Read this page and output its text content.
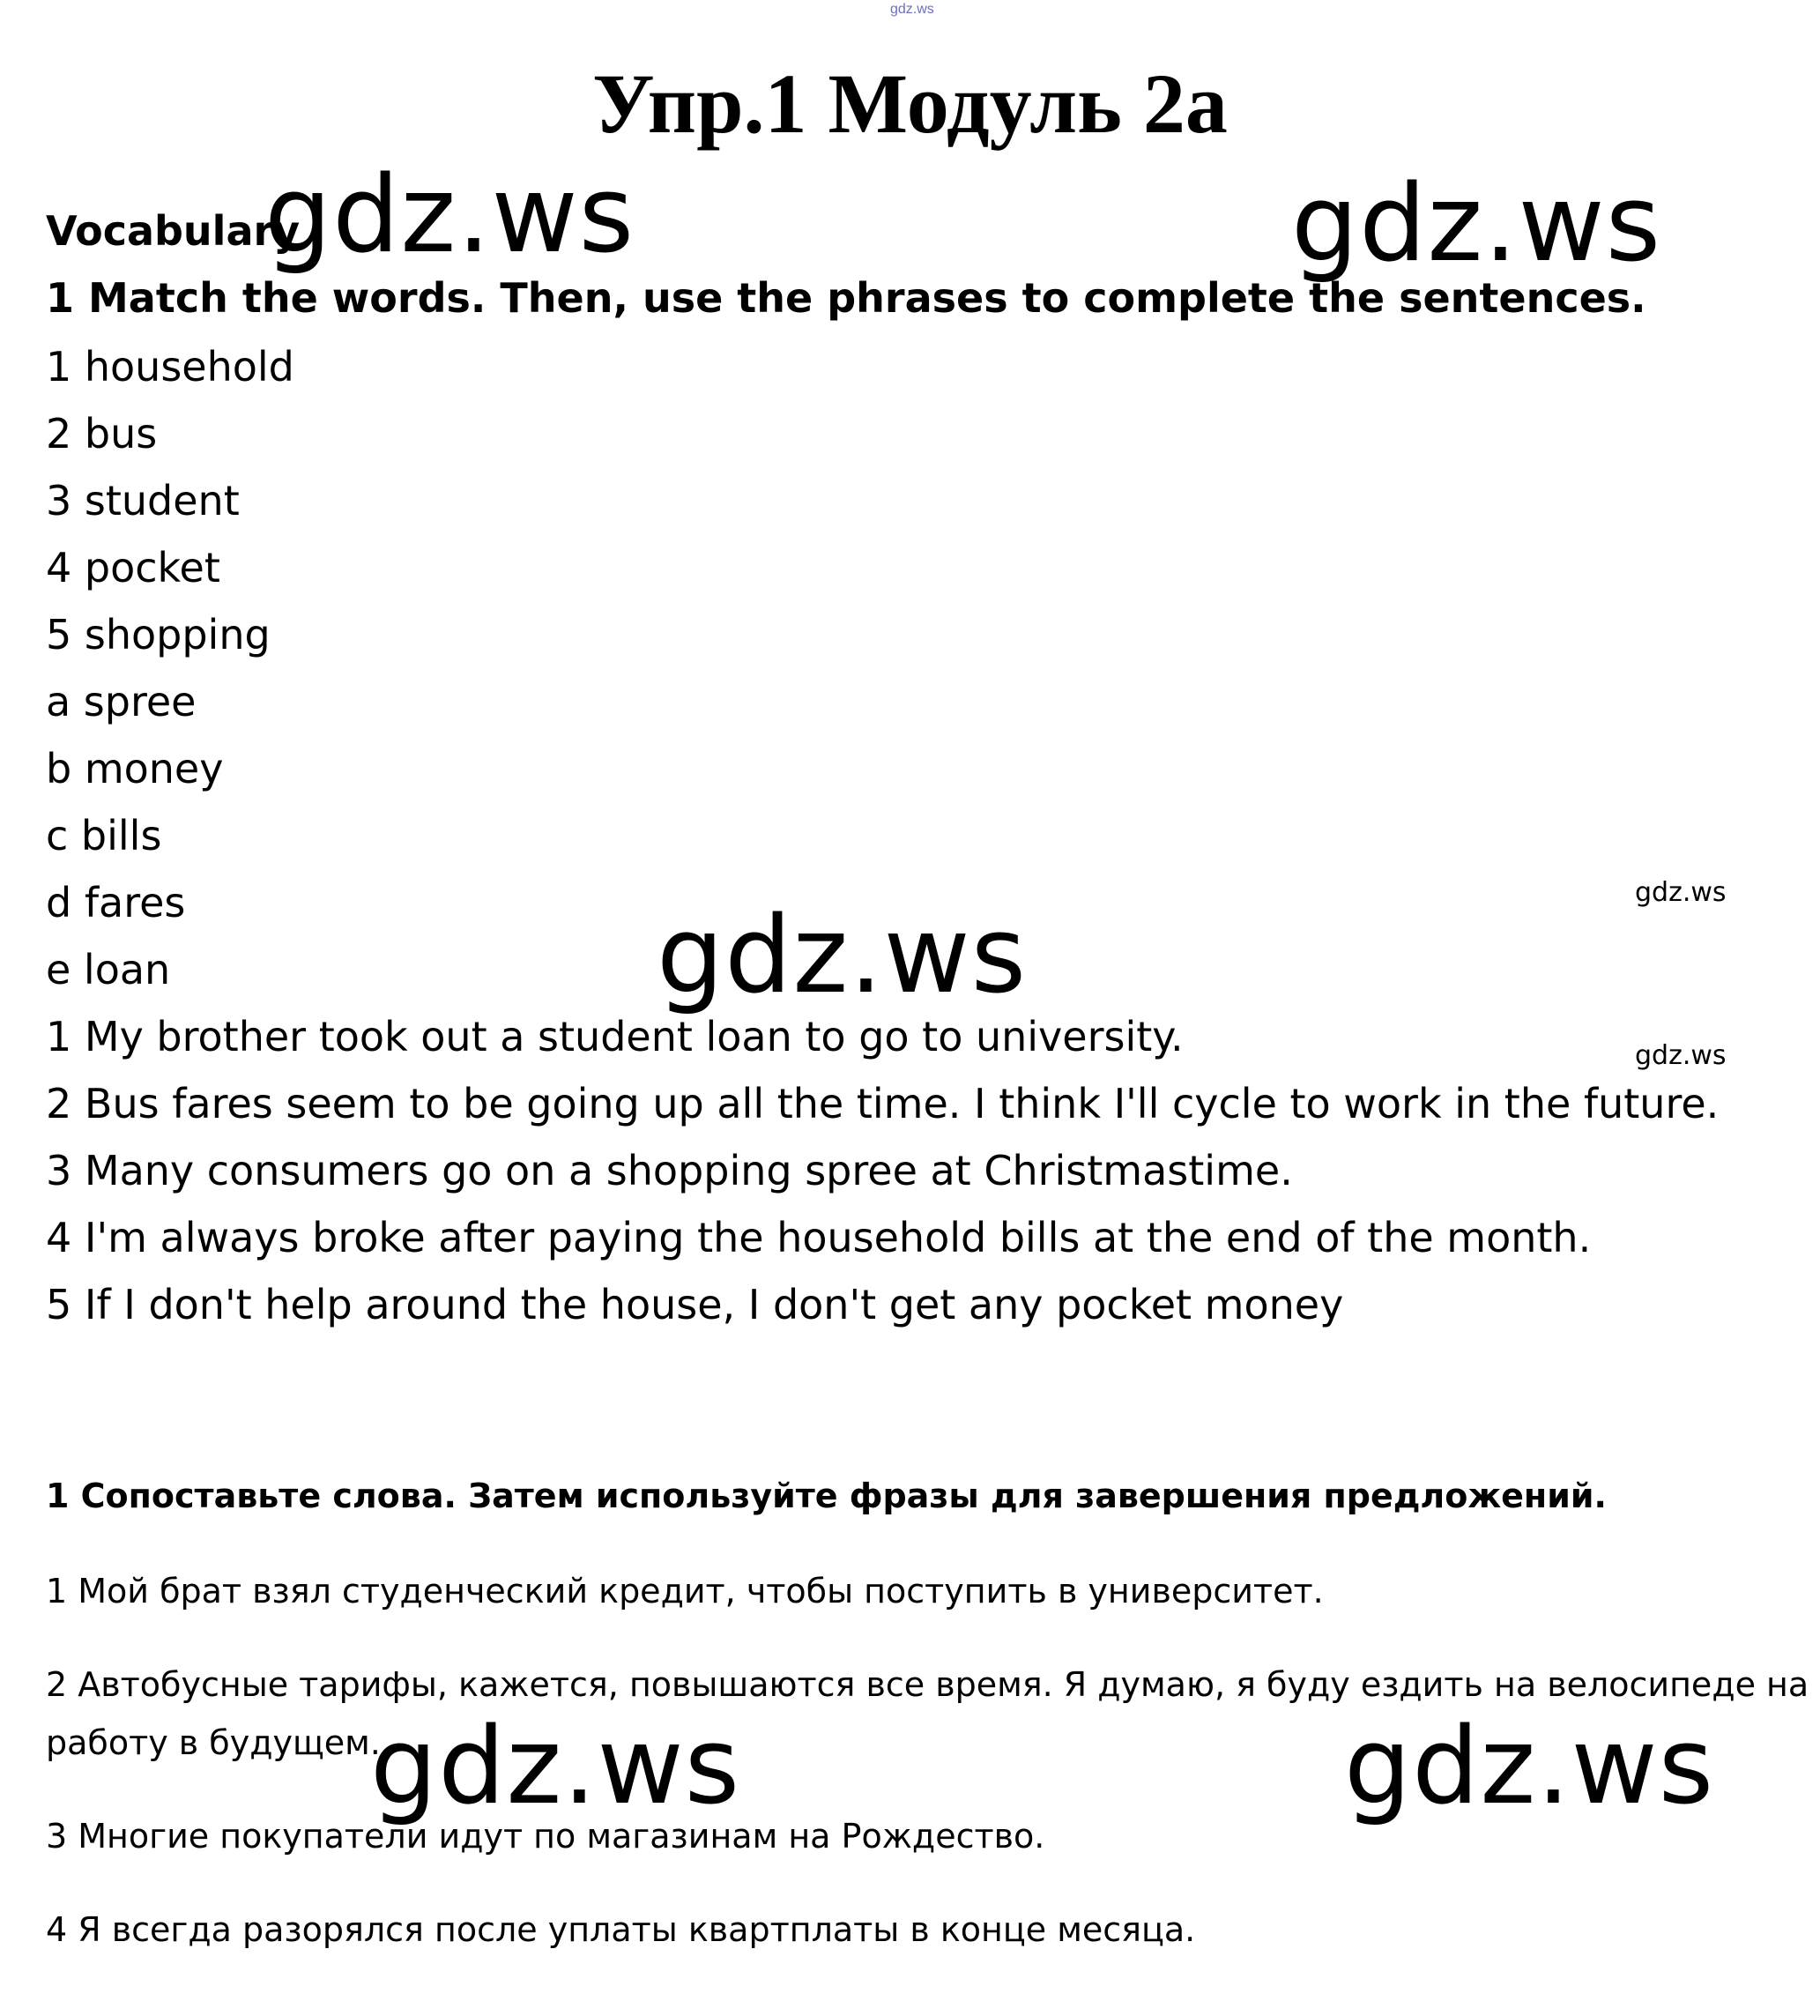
gdz.ws
Упр.1 Модуль 2а
Vocabulary
1 Match the words. Then, use the phrases to complete the sentences.
1 household
2 bus
3 student
4 pocket
5 shopping
a spree
b money
c bills
d fares
e loan
1 My brother took out a student loan to go to university.
2 Bus fares seem to be going up all the time. I think I'll cycle to work in the future.
3 Many consumers go on a shopping spree at Christmastime.
4 I'm always broke after paying the household bills at the end of the month.
5 If I don't help around the house, I don't get any pocket money
1 Сопоставьте слова. Затем используйте фразы для завершения предложений.
1 Мой брат взял студенческий кредит, чтобы поступить в университет.
2 Автобусные тарифы, кажется, повышаются все время. Я думаю, я буду ездить на велосипеде на
работу в будущем.
3 Многие покупатели идут по магазинам на Рождество.
4 Я всегда разорялся после уплаты квартплаты в конце месяца.
gdz.ws	gdz.ws
gdz.ws
gdz.ws	gdz.ws
gdz.ws
gdz.ws
